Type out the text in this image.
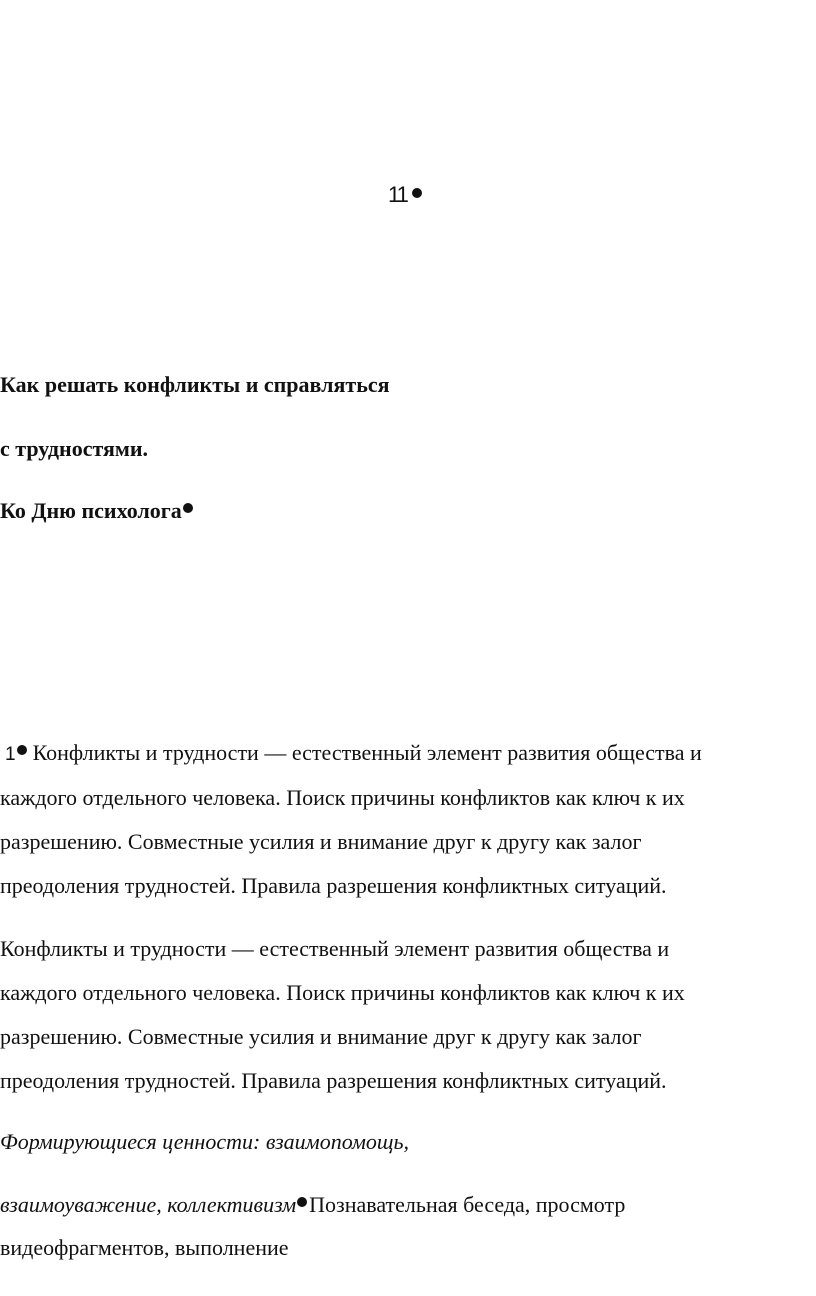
11
Как решать конфликты и справляться
с трудностями.
Ко Дню психолога
1 Конфликты и трудности — естественный элемент развития общества и
каждого отдельного человека. Поиск причины конфликтов как ключ к их
разрешению. Совместные усилия и внимание друг к другу как залог
преодоления трудностей. Правила разрешения конфликтных ситуаций.
Конфликты и трудности — естественный элемент развития общества и
каждого отдельного человека. Поиск причины конфликтов как ключ к их
разрешению. Совместные усилия и внимание друг к другу как залог
преодоления трудностей. Правила разрешения конфликтных ситуаций.
Формирующиеся ценности: взаимопомощь,
взаимоуважение, коллективизм Познавательная беседа, просмотр
видеофрагментов, выполнение
